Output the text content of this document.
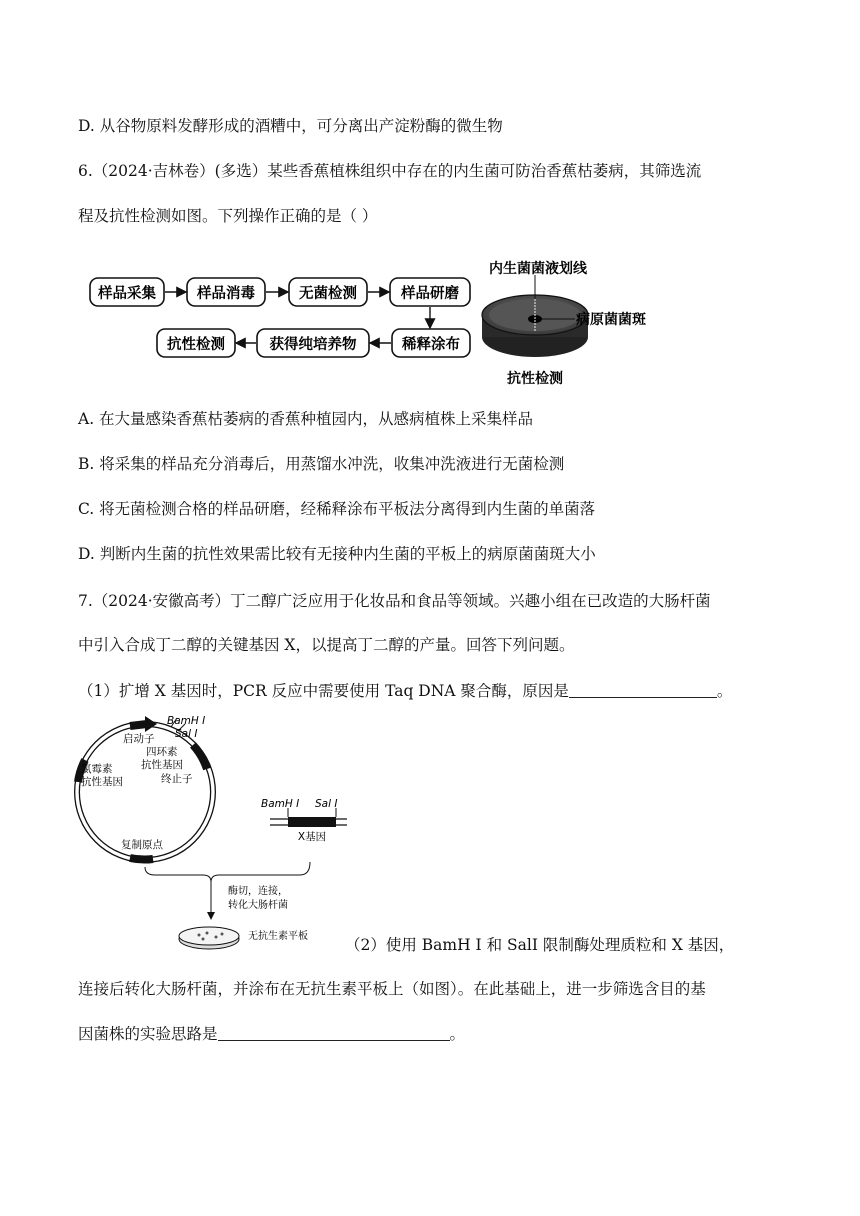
D. 从谷物原料发酵形成的酒糟中，可分离出产淀粉酶的微生物
6.（2024·吉林卷）(多选）某些香蕉植株组织中存在的内生菌可防治香蕉枯萎病，其筛选流
程及抗性检测如图。下列操作正确的是（ ）
样品采集	样品消毒	无菌检测	样品研磨
稀释涂布
获得纯培养物
抗性检测
内生菌菌液划线
病原菌菌斑
抗性检测
A. 在大量感染香蕉枯萎病的香蕉种植园内，从感病植株上采集样品
B. 将采集的样品充分消毒后，用蒸馏水冲洗，收集冲洗液进行无菌检测
C. 将无菌检测合格的样品研磨，经稀释涂布平板法分离得到内生菌的单菌落
D. 判断内生菌的抗性效果需比较有无接种内生菌的平板上的病原菌菌斑大小
7.（2024·安徽高考）丁二醇广泛应用于化妆品和食品等领域。兴趣小组在已改造的大肠杆菌
中引入合成丁二醇的关键基因 X，以提高丁二醇的产量。回答下列问题。
（1）扩增 X 基因时，PCR 反应中需要使用 Taq DNA 聚合酶，原因是	。
BamH Ⅰ
Sal Ⅰ
启动子
四环素
抗性基因
终止子
氯霉素
抗性基因
复制原点
BamH Ⅰ Sal Ⅰ
X基因
酶切，连接，
转化大肠杆菌
无抗生素平板 （2）使用 BamH I 和 SalI 限制酶处理质粒和 X 基因，
连接后转化大肠杆菌，并涂布在无抗生素平板上（如图）。在此基础上，进一步筛选含目的基
因菌株的实验思路是	。
